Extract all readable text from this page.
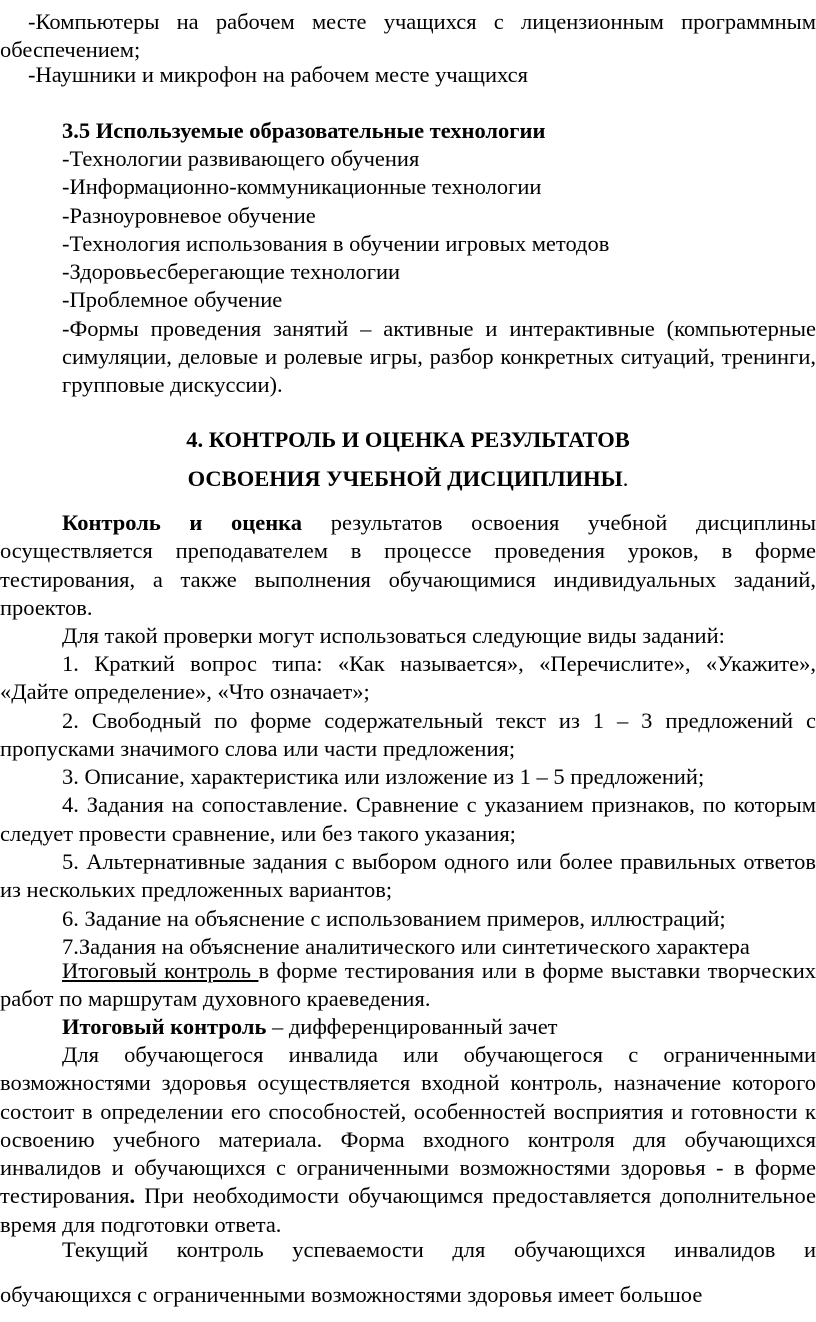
-Компьютеры на рабочем месте учащихся с лицензионным программным обеспечением;

-Наушники и микрофон на рабочем месте учащихся

3.5 Используемые образовательные технологии

-Технологии развивающего обучения

-Информационно-коммуникационные технологии

-Разноуровневое обучение

-Технология использования в обучении игровых методов

-Здоровьесберегающие технологии

-Проблемное обучение

-Формы проведения занятий – активные и интерактивные (компьютерные симуляции, деловые и ролевые игры, разбор конкретных ситуаций, тренинги, групповые дискуссии).

4. КОНТРОЛЬ И ОЦЕНКА РЕЗУЛЬТАТОВ

ОСВОЕНИЯ УЧЕБНОЙ ДИСЦИПЛИНЫ.

Контроль и оценка результатов освоения учебной дисциплины осуществляется преподавателем в процессе проведения уроков, в форме тестирования, а также выполнения обучающимися индивидуальных заданий, проектов.

Для такой проверки могут использоваться следующие виды заданий:

1. Краткий вопрос типа: «Как называется», «Перечислите», «Укажите», «Дайте определение», «Что означает»;

2. Свободный по форме содержательный текст из 1 – 3 предложений с пропусками значимого слова или части предложения;

3. Описание, характеристика или изложение из 1 – 5 предложений;

4. Задания на сопоставление. Сравнение с указанием признаков, по которым следует провести сравнение, или без такого указания;

5. Альтернативные задания с выбором одного или более правильных ответов из нескольких предложенных вариантов;

6. Задание на объяснение с использованием примеров, иллюстраций;

7.Задания на объяснение аналитического или синтетического характера

Итоговый контроль в форме тестирования или в форме выставки творческих работ по маршрутам духовного краеведения.

Итоговый контроль – дифференцированный зачет

Для обучающегося инвалида или обучающегося с ограниченными возможностями здоровья осуществляется входной контроль, назначение которого состоит в определении его способностей, особенностей восприятия и готовности к освоению учебного материала. Форма входного контроля для обучающихся инвалидов и обучающихся с ограниченными возможностями здоровья - в форме тестирования. При необходимости обучающимся предоставляется дополнительное время для подготовки ответа.

Текущий контроль успеваемости для обучающихся инвалидов и

обучающихся с ограниченными возможностями здоровья имеет большое
